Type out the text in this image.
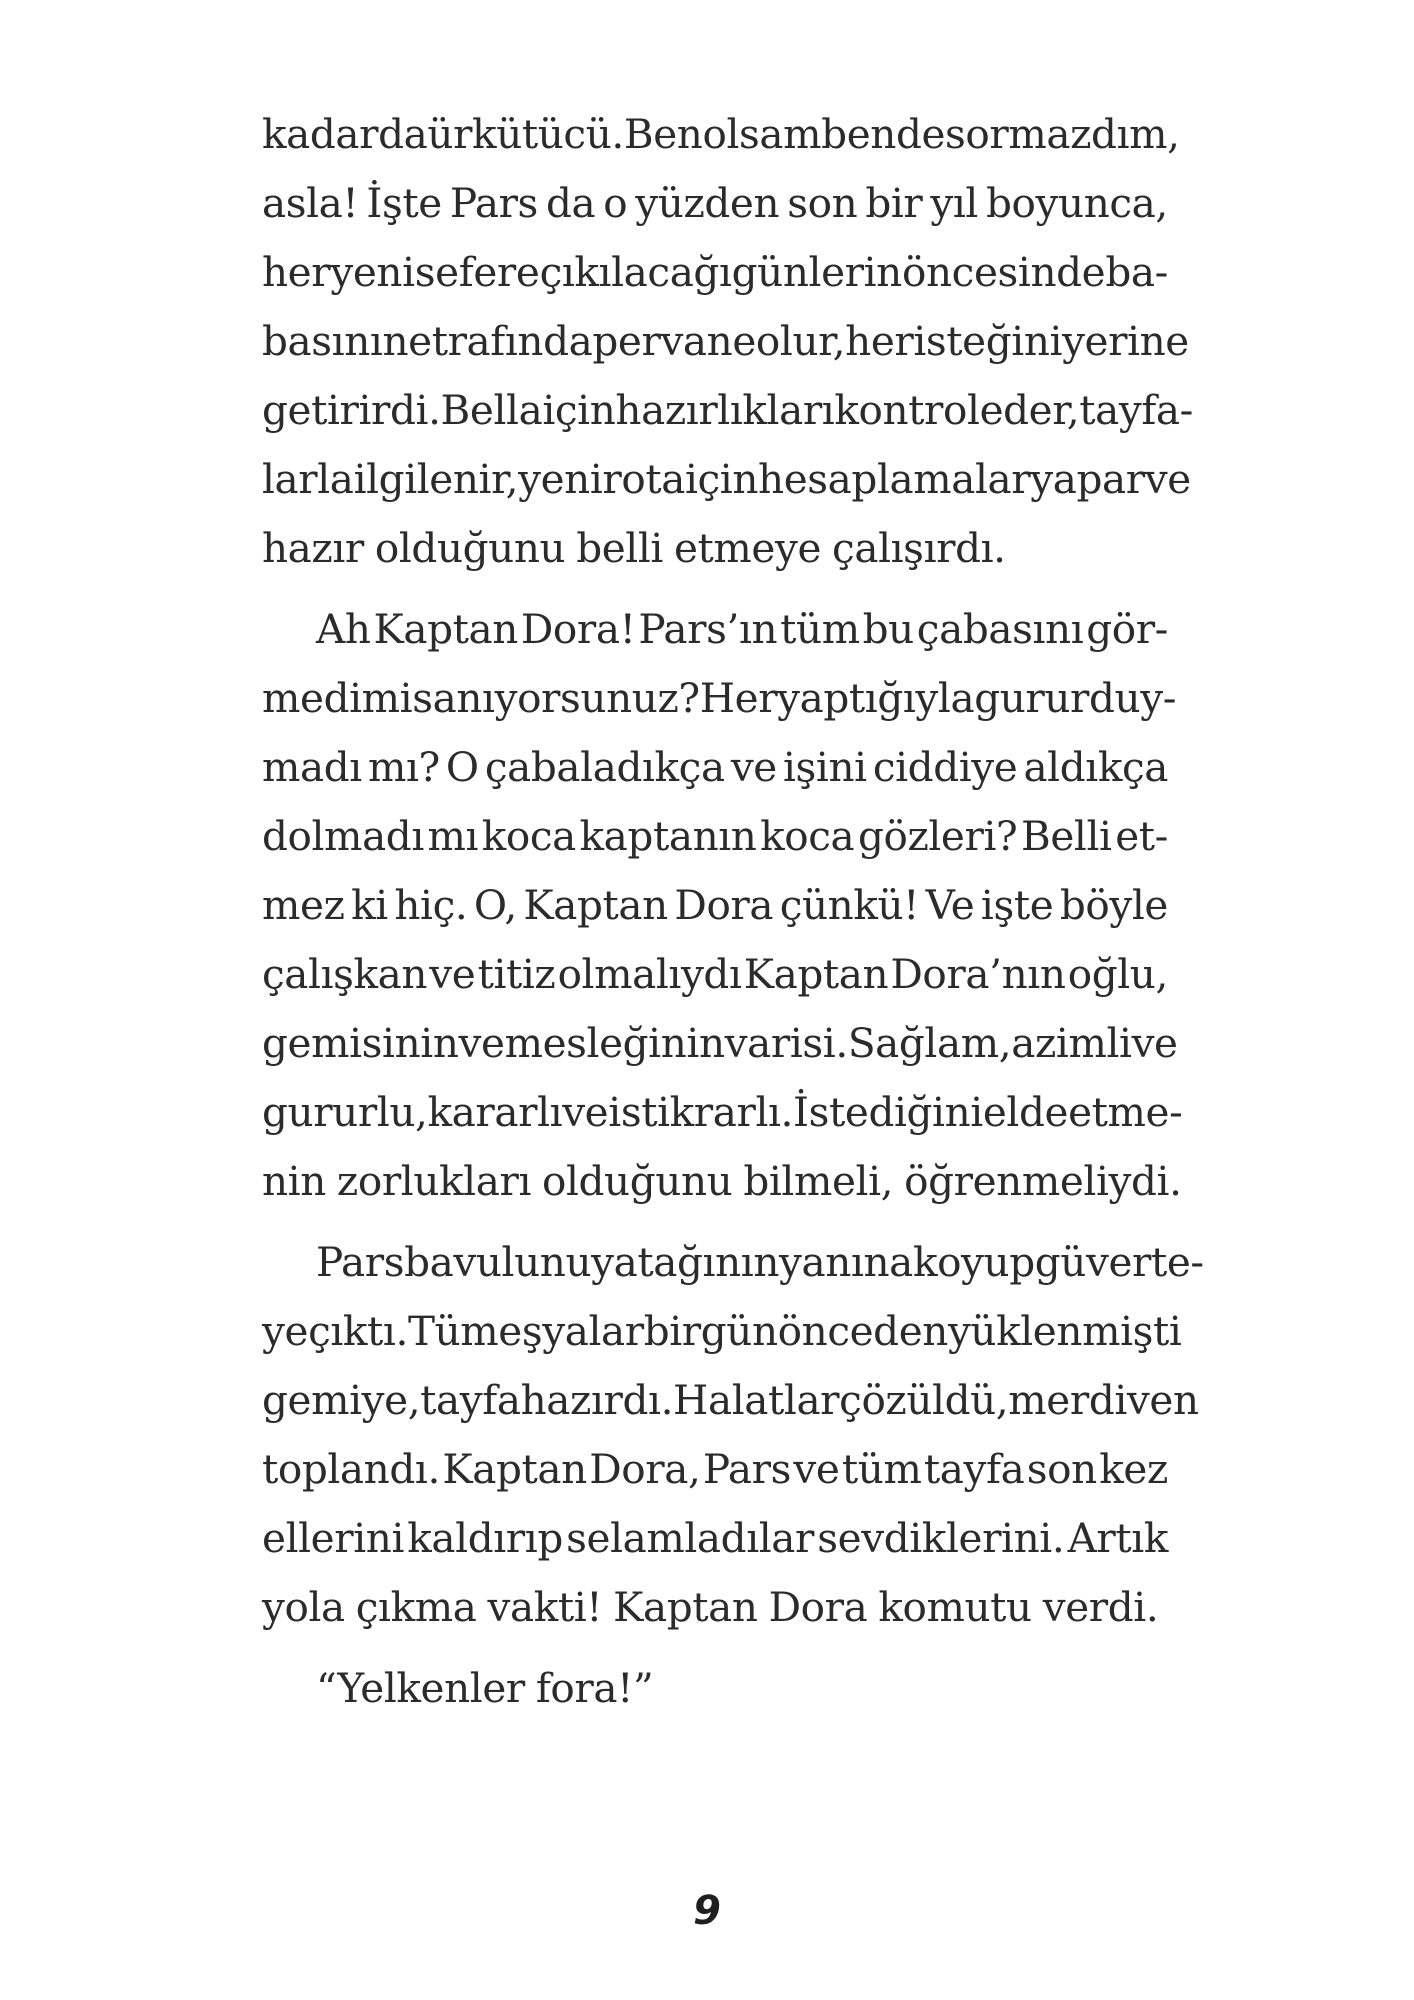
kadar da ürkütücü. Ben olsam ben de sormazdım,
asla! İşte Pars da o yüzden son bir yıl boyunca,
her yeni sefere çıkılacağı günlerin öncesinde ba-
basının etrafında pervane olur, her isteğini yerine
getirirdi. Bella için hazırlıkları kontrol eder, tayfa-
larla ilgilenir, yeni rota için hesaplamalar yapar ve
hazır olduğunu belli etmeye çalışırdı.
Ah Kaptan Dora! Pars’ın tüm bu çabasını gör-
medi mi sanıyorsunuz? Her yaptığıyla gurur duy-
madı mı? O çabaladıkça ve işini ciddiye aldıkça
dolmadı mı koca kaptanın koca gözleri? Belli et-
mez ki hiç. O, Kaptan Dora çünkü! Ve işte böyle
çalışkan ve titiz olmalıydı Kaptan Dora’nın oğlu,
gemisinin ve mesleğinin varisi. Sağlam, azimli ve
gururlu, kararlı ve istikrarlı. İstediğini elde etme-
nin zorlukları olduğunu bilmeli, öğrenmeliydi.
Pars bavulunu yatağının yanına koyup güverte-
ye çıktı. Tüm eşyalar bir gün önceden yüklenmişti
gemiye, tayfa hazırdı. Halatlar çözüldü, merdiven
toplandı. Kaptan Dora, Pars ve tüm tayfa son kez
ellerini kaldırıp selamladılar sevdiklerini. Artık
yola çıkma vakti! Kaptan Dora komutu verdi.
“Yelkenler fora!”
9
